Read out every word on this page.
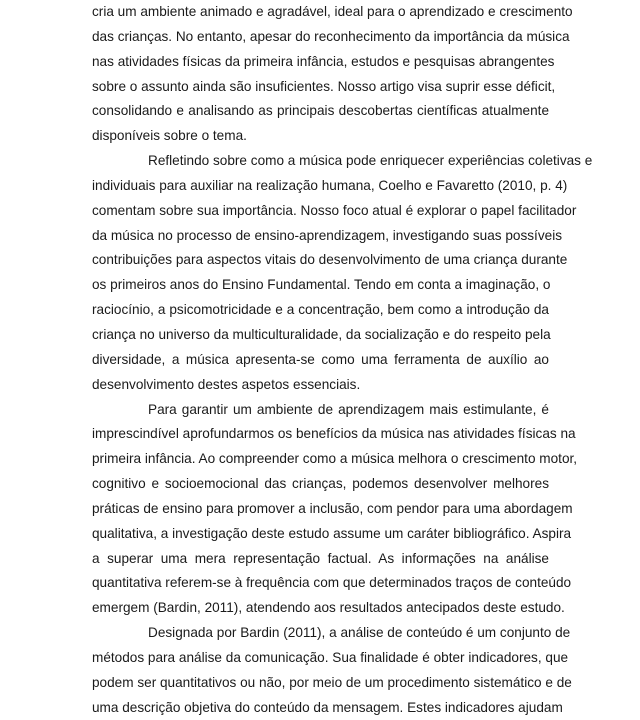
cria um ambiente animado e agradável, ideal para o aprendizado e crescimento
das crianças. No entanto, apesar do reconhecimento da importância da música
nas atividades físicas da primeira infância, estudos e pesquisas abrangentes
sobre o assunto ainda são insuficientes. Nosso artigo visa suprir esse déficit,
consolidando e analisando as principais descobertas científicas atualmente
disponíveis sobre o tema.
Refletindo sobre como a música pode enriquecer experiências coletivas e
individuais para auxiliar na realização humana, Coelho e Favaretto (2010, p. 4)
comentam sobre sua importância. Nosso foco atual é explorar o papel facilitador
da música no processo de ensino-aprendizagem, investigando suas possíveis
contribuições para aspectos vitais do desenvolvimento de uma criança durante
os primeiros anos do Ensino Fundamental. Tendo em conta a imaginação, o
raciocínio, a psicomotricidade e a concentração, bem como a introdução da
criança no universo da multiculturalidade, da socialização e do respeito pela
diversidade, a música apresenta-se como uma ferramenta de auxílio ao
desenvolvimento destes aspetos essenciais.
Para garantir um ambiente de aprendizagem mais estimulante, é
imprescindível aprofundarmos os benefícios da música nas atividades físicas na
primeira infância. Ao compreender como a música melhora o crescimento motor,
cognitivo e socioemocional das crianças, podemos desenvolver melhores
práticas de ensino para promover a inclusão, com pendor para uma abordagem
qualitativa, a investigação deste estudo assume um caráter bibliográfico. Aspira
a superar uma mera representação factual. As informações na análise
quantitativa referem-se à frequência com que determinados traços de conteúdo
emergem (Bardin, 2011), atendendo aos resultados antecipados deste estudo.
Designada por Bardin (2011), a análise de conteúdo é um conjunto de
métodos para análise da comunicação. Sua finalidade é obter indicadores, que
podem ser quantitativos ou não, por meio de um procedimento sistemático e de
uma descrição objetiva do conteúdo da mensagem. Estes indicadores ajudam
